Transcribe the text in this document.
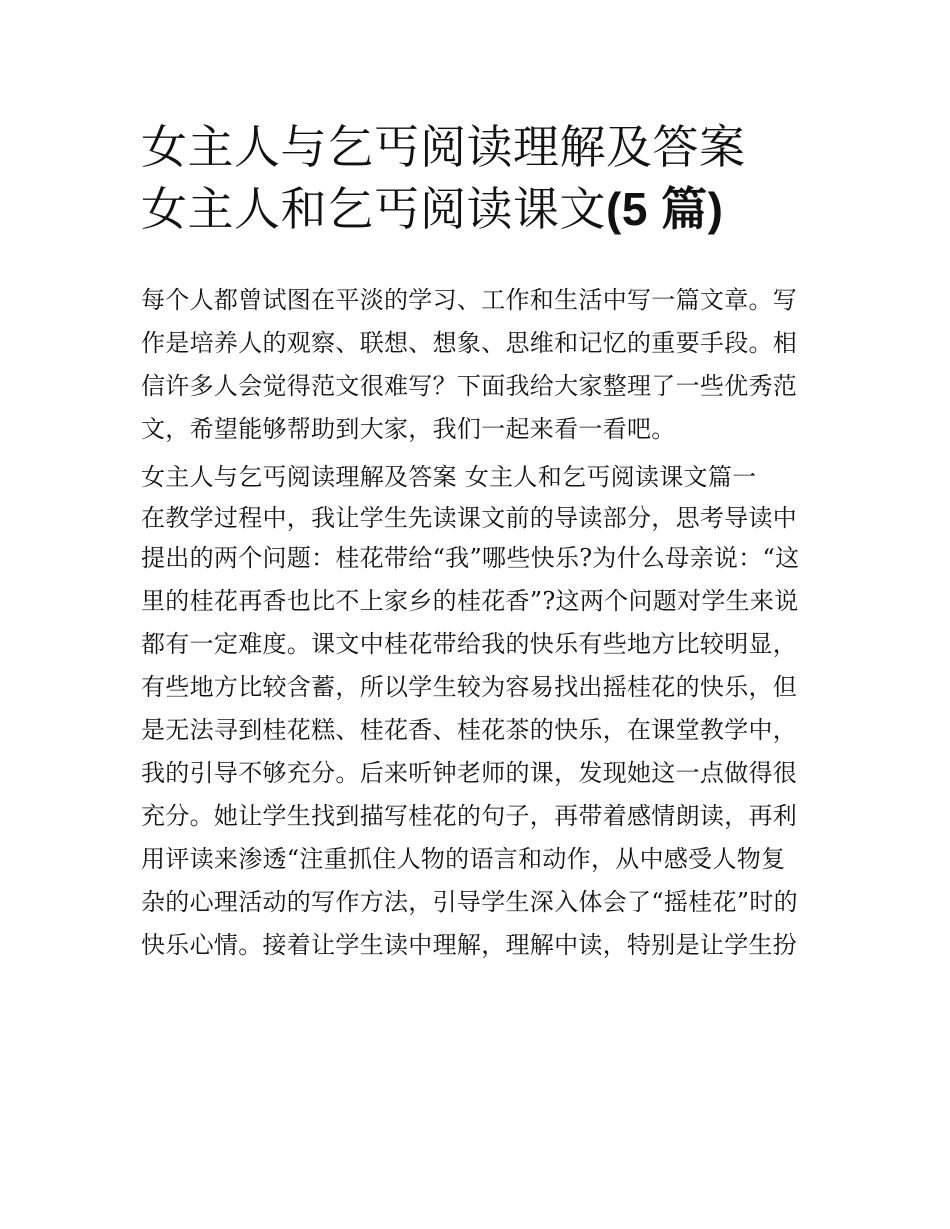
女主人与乞丐阅读理解及答案
女主人和乞丐阅读课文(5 篇)
每个人都曾试图在平淡的学习、工作和生活中写一篇文章。写
作是培养人的观察、联想、想象、思维和记忆的重要手段。相
信许多人会觉得范文很难写？下面我给大家整理了一些优秀范
文，希望能够帮助到大家，我们一起来看一看吧。
女主人与乞丐阅读理解及答案 女主人和乞丐阅读课文篇一
在教学过程中，我让学生先读课文前的导读部分，思考导读中
提出的两个问题：桂花带给“我”哪些快乐?为什么母亲说：“这
里的桂花再香也比不上家乡的桂花香”?这两个问题对学生来说
都有一定难度。课文中桂花带给我的快乐有些地方比较明显，
有些地方比较含蓄，所以学生较为容易找出摇桂花的快乐，但
是无法寻到桂花糕、桂花香、桂花茶的快乐，在课堂教学中，
我的引导不够充分。后来听钟老师的课，发现她这一点做得很
充分。她让学生找到描写桂花的句子，再带着感情朗读，再利
用评读来渗透“注重抓住人物的语言和动作，从中感受人物复
杂的心理活动的写作方法，引导学生深入体会了“摇桂花”时的
快乐心情。接着让学生读中理解，理解中读，特别是让学生扮
